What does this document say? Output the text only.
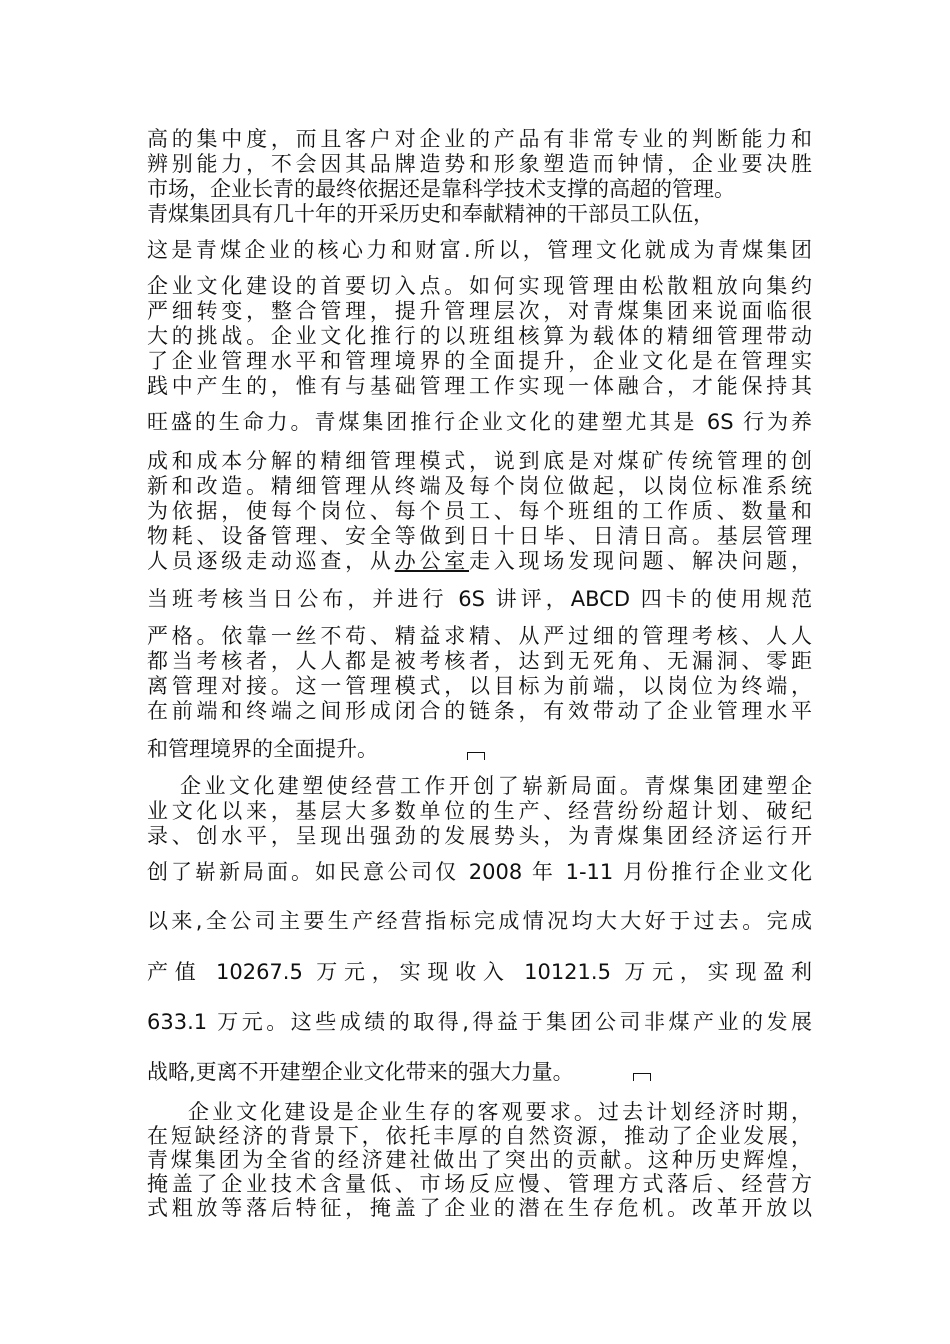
高的集中度，而且客户对企业的产品有非常专业的判断能力和
辨别能力，不会因其品牌造势和形象塑造而钟情，企业要决胜
市场，企业长青的最终依据还是靠科学技术支撑的高超的管理。
青煤集团具有几十年的开采历史和奉献精神的干部员工队伍，
这是青煤企业的核心力和财富.所以，管理文化就成为青煤集团
企业文化建设的首要切入点。如何实现管理由松散粗放向集约
严细转变，整合管理，提升管理层次，对青煤集团来说面临很
大的挑战。企业文化推行的以班组核算为载体的精细管理带动
了企业管理水平和管理境界的全面提升，企业文化是在管理实
践中产生的，惟有与基础管理工作实现一体融合，才能保持其
旺盛的生命力。青煤集团推行企业文化的建塑尤其是 6S 行为养
成和成本分解的精细管理模式，说到底是对煤矿传统管理的创
新和改造。精细管理从终端及每个岗位做起，以岗位标准系统
为依据，使每个岗位、每个员工、每个班组的工作质、数量和
物耗、设备管理、安全等做到日十日毕、日清日高。基层管理
人员逐级走动巡查，从办公室走入现场发现问题、解决问题，
当班考核当日公布，并进行 6S 讲评，ABCD 四卡的使用规范
严格。依靠一丝不苟、精益求精、从严过细的管理考核、人人
都当考核者，人人都是被考核者，达到无死角、无漏洞、零距
离管理对接。这一管理模式，以目标为前端，以岗位为终端，
在前端和终端之间形成闭合的链条，有效带动了企业管理水平
和管理境界的全面提升。
企业文化建塑使经营工作开创了崭新局面。青煤集团建塑企
业文化以来，基层大多数单位的生产、经营纷纷超计划、破纪
录、创水平，呈现出强劲的发展势头，为青煤集团经济运行开
创了崭新局面。如民意公司仅 2008 年 1-11 月份推行企业文化
以来,全公司主要生产经营指标完成情况均大大好于过去。完成
产值 10267.5 万元，实现收入 10121.5 万元，实现盈利
633.1 万元。这些成绩的取得,得益于集团公司非煤产业的发展
战略,更离不开建塑企业文化带来的强大力量。
企业文化建设是企业生存的客观要求。过去计划经济时期，
在短缺经济的背景下，依托丰厚的自然资源，推动了企业发展，
青煤集团为全省的经济建社做出了突出的贡献。这种历史辉煌，
掩盖了企业技术含量低、市场反应慢、管理方式落后、经营方
式粗放等落后特征，掩盖了企业的潜在生存危机。改革开放以
